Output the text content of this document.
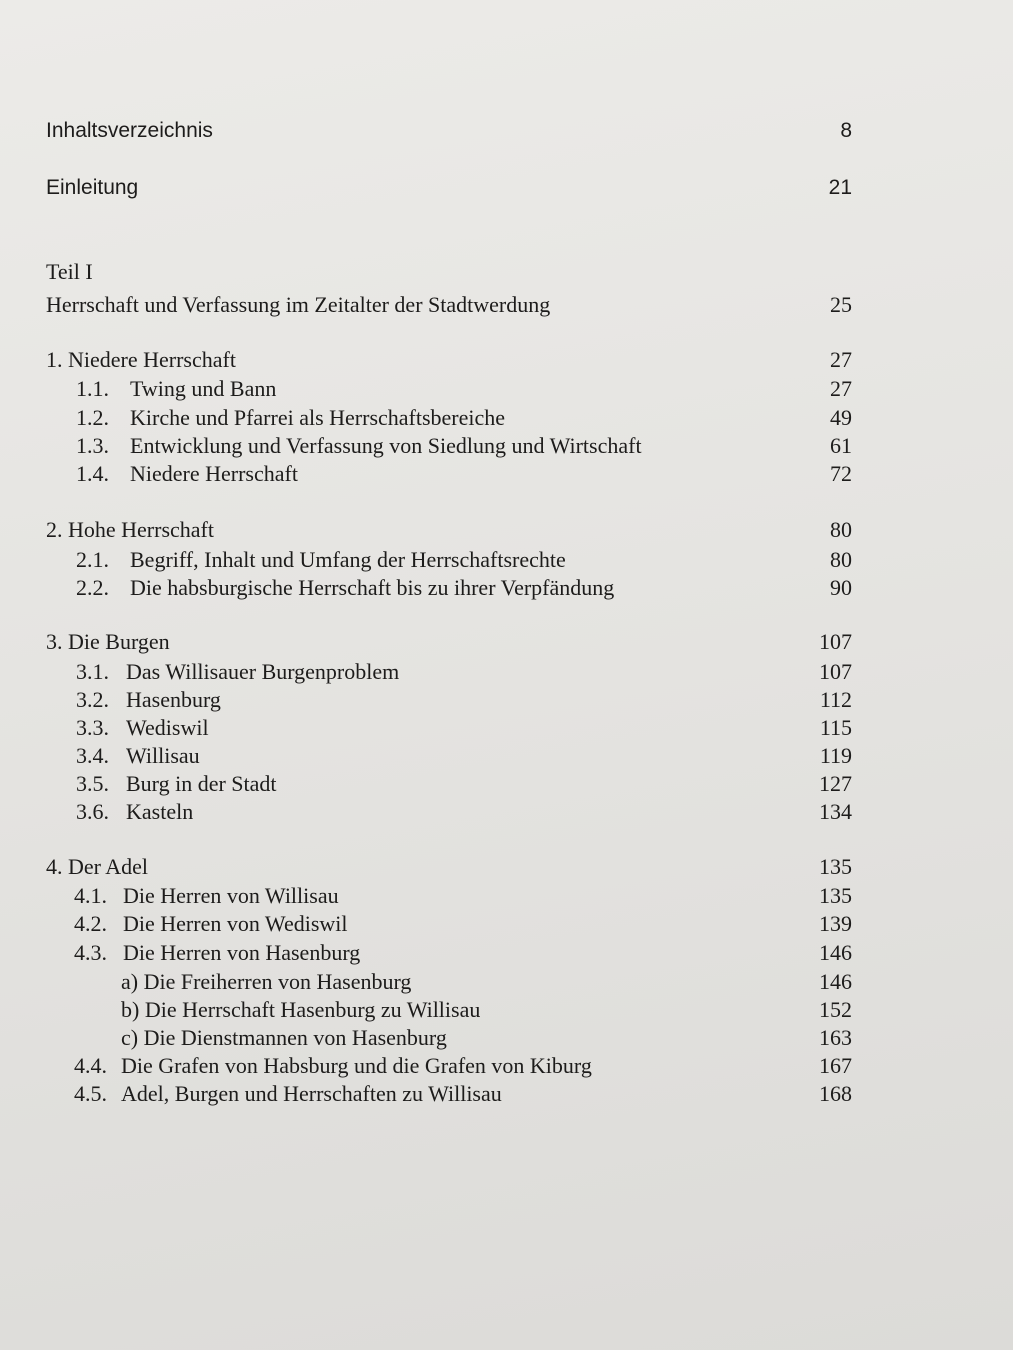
Inhaltsverzeichnis	8
Einleitung	21
Teil I
Herrschaft und Verfassung im Zeitalter der Stadtwerdung	25
1. Niedere Herrschaft	27
1.1. Twing und Bann	27
1.2. Kirche und Pfarrei als Herrschaftsbereiche	49
1.3. Entwicklung und Verfassung von Siedlung und Wirtschaft	61
1.4. Niedere Herrschaft	72
2. Hohe Herrschaft	80
2.1. Begriff, Inhalt und Umfang der Herrschaftsrechte	80
2.2. Die habsburgische Herrschaft bis zu ihrer Verpfändung	90
3. Die Burgen	107
3.1. Das Willisauer Burgenproblem	107
3.2. Hasenburg	112
3.3. Wediswil	115
3.4. Willisau	119
3.5. Burg in der Stadt	127
3.6. Kasteln	134
4. Der Adel	135
4.1. Die Herren von Willisau	135
4.2. Die Herren von Wediswil	139
4.3. Die Herren von Hasenburg	146
a) Die Freiherren von Hasenburg	146
b) Die Herrschaft Hasenburg zu Willisau	152
c) Die Dienstmannen von Hasenburg	163
4.4. Die Grafen von Habsburg und die Grafen von Kiburg	167
4.5. Adel, Burgen und Herrschaften zu Willisau	168
